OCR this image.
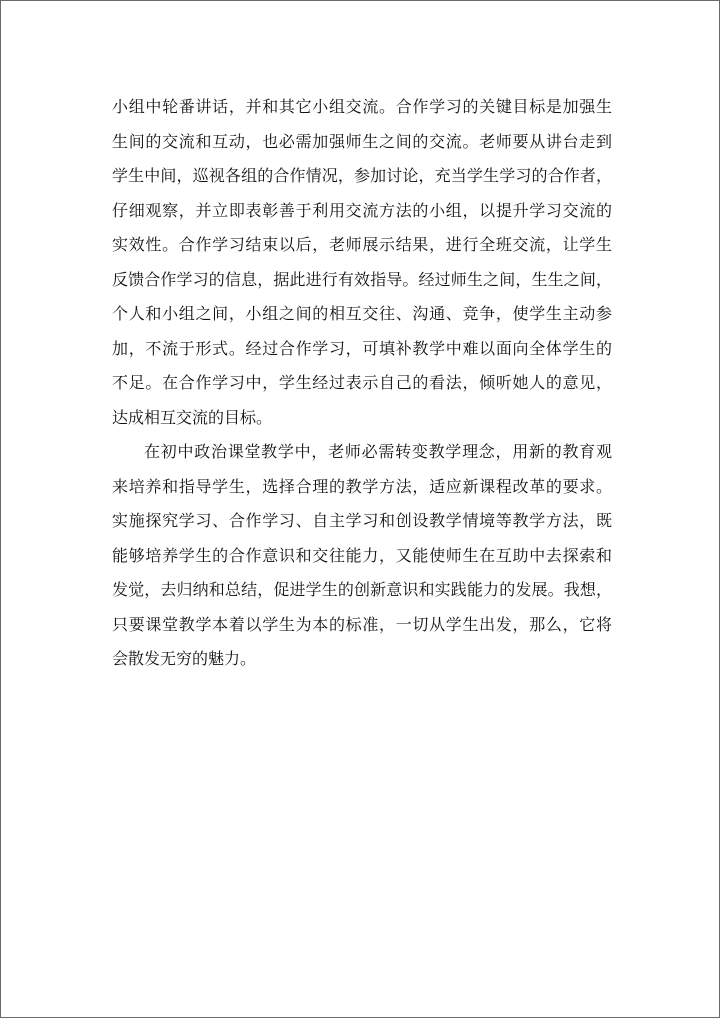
小组中轮番讲话，并和其它小组交流。合作学习的关键目标是加强生
生间的交流和互动，也必需加强师生之间的交流。老师要从讲台走到
学生中间，巡视各组的合作情况，参加讨论，充当学生学习的合作者，
仔细观察，并立即表彰善于利用交流方法的小组，以提升学习交流的
实效性。合作学习结束以后，老师展示结果，进行全班交流，让学生
反馈合作学习的信息，据此进行有效指导。经过师生之间，生生之间，
个人和小组之间，小组之间的相互交往、沟通、竞争，使学生主动参
加，不流于形式。经过合作学习，可填补教学中难以面向全体学生的
不足。在合作学习中，学生经过表示自己的看法，倾听她人的意见，
达成相互交流的目标。
在初中政治课堂教学中，老师必需转变教学理念，用新的教育观
来培养和指导学生，选择合理的教学方法，适应新课程改革的要求。
实施探究学习、合作学习、自主学习和创设教学情境等教学方法，既
能够培养学生的合作意识和交往能力，又能使师生在互助中去探索和
发觉，去归纳和总结，促进学生的创新意识和实践能力的发展。我想，
只要课堂教学本着以学生为本的标准，一切从学生出发，那么，它将
会散发无穷的魅力。
